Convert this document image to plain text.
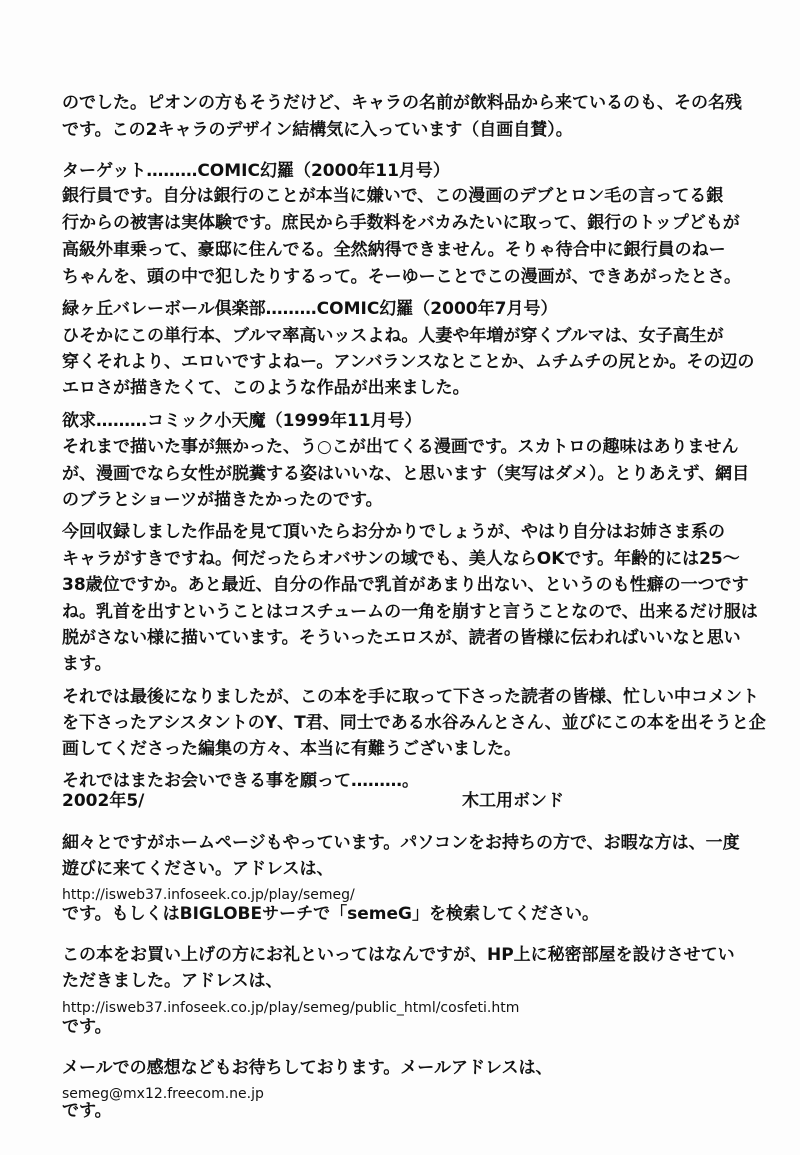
のでした。ピオンの方もそうだけど、キャラの名前が飲料品から来ているのも、その名残
です。この2キャラのデザイン結構気に入っています（自画自賛）。
ターゲット………COMIC幻羅（2000年11月号）
銀行員です。自分は銀行のことが本当に嫌いで、この漫画のデブとロン毛の言ってる銀
行からの被害は実体験です。庶民から手数料をバカみたいに取って、銀行のトップどもが
高級外車乗って、豪邸に住んでる。全然納得できません。そりゃ待合中に銀行員のねー
ちゃんを、頭の中で犯したりするって。そーゆーことでこの漫画が、できあがったとさ。
緑ヶ丘バレーボール倶楽部………COMIC幻羅（2000年7月号）
ひそかにこの単行本、ブルマ率高いッスよね。人妻や年増が穿くブルマは、女子高生が
穿くそれより、エロいですよねー。アンバランスなとことか、ムチムチの尻とか。その辺の
エロさが描きたくて、このような作品が出来ました。
欲求………コミック小天魔（1999年11月号）
それまで描いた事が無かった、う○こが出てくる漫画です。スカトロの趣味はありません
が、漫画でなら女性が脱糞する姿はいいな、と思います（実写はダメ）。とりあえず、網目
のブラとショーツが描きたかったのです。
今回収録しました作品を見て頂いたらお分かりでしょうが、やはり自分はお姉さま系の
キャラがすきですね。何だったらオバサンの域でも、美人ならOKです。年齢的には25～
38歳位ですか。あと最近、自分の作品で乳首があまり出ない、というのも性癖の一つです
ね。乳首を出すということはコスチュームの一角を崩すと言うことなので、出来るだけ服は
脱がさない様に描いています。そういったエロスが、読者の皆様に伝わればいいなと思い
ます。
それでは最後になりましたが、この本を手に取って下さった読者の皆様、忙しい中コメント
を下さったアシスタントのY、T君、同士である水谷みんとさん、並びにこの本を出そうと企
画してくださった編集の方々、本当に有難うございました。
それではまたお会いできる事を願って………。
2002年5/	木工用ボンド
細々とですがホームページもやっています。パソコンをお持ちの方で、お暇な方は、一度
遊びに来てください。アドレスは、
http://isweb37.infoseek.co.jp/play/semeg/
です。もしくはBIGLOBEサーチで「semeG」を検索してください。
この本をお買い上げの方にお礼といってはなんですが、HP上に秘密部屋を設けさせてい
ただきました。アドレスは、
http://isweb37.infoseek.co.jp/play/semeg/public_html/cosfeti.htm
です。
メールでの感想などもお待ちしております。メールアドレスは、
semeg@mx12.freecom.ne.jp
です。
